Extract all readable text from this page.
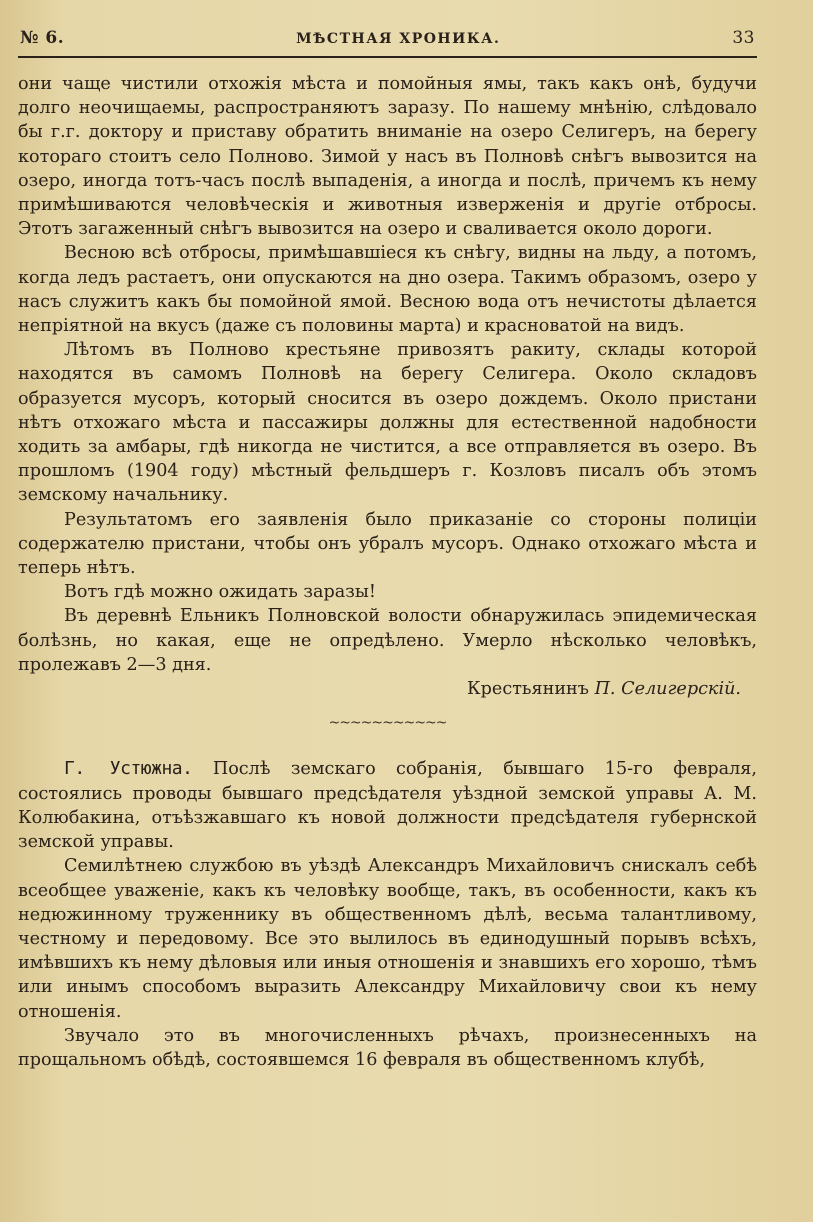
№ 6.	МѢСТНАЯ ХРОНИКА.	33

они чаще чистили отхожія мѣста и помойныя ямы, такъ какъ онѣ, будучи долго неочищаемы, распространяютъ заразу. По нашему мнѣнію, слѣдовало бы г.г. доктору и приставу обратить вниманіе на озеро Селигеръ, на берегу котораго стоитъ село Полново. Зимой у насъ въ Полновѣ снѣгъ вывозится на озеро, иногда тотъ-часъ послѣ выпаденія, а иногда и послѣ, причемъ къ нему примѣшиваются человѣческія и животныя изверженія и другіе отбросы. Этотъ загаженный снѣгъ вывозится на озеро и сваливается около дороги.

Весною всѣ отбросы, примѣшавшіеся къ снѣгу, видны на льду, а потомъ, когда ледъ растаетъ, они опускаются на дно озера. Такимъ образомъ, озеро у насъ служитъ какъ бы помойной ямой. Весною вода отъ нечистоты дѣлается непріятной на вкусъ (даже съ половины марта) и красноватой на видъ.

Лѣтомъ въ Полново крестьяне привозятъ ракиту, склады которой находятся въ самомъ Полновѣ на берегу Селигера. Около складовъ образуется мусоръ, который сносится въ озеро дождемъ. Около пристани нѣтъ отхожаго мѣста и пассажиры должны для естественной надобности ходить за амбары, гдѣ никогда не чистится, а все отправляется въ озеро. Въ прошломъ (1904 году) мѣстный фельдшеръ г. Козловъ писалъ объ этомъ земскому начальнику.

Результатомъ его заявленія было приказаніе со стороны полиціи содержателю пристани, чтобы онъ убралъ мусоръ. Однако отхожаго мѣста и теперь нѣтъ.

Вотъ гдѣ можно ожидать заразы!

Въ деревнѣ Ельникъ Полновской волости обнаружилась эпидемическая болѣзнь, но какая, еще не опредѣлено. Умерло нѣсколько человѣкъ, пролежавъ 2—3 дня.

Крестьянинъ П. Селигерскій.

~~~~~~~~~~~

Г. Устюжна. Послѣ земскаго собранія, бывшаго 15-го февраля, состоялись проводы бывшаго предсѣдателя уѣздной земской управы А. М. Колюбакина, отъѣзжавшаго къ новой должности предсѣдателя губернской земской управы.

Семилѣтнею службою въ уѣздѣ Александръ Михайловичъ снискалъ себѣ всеобщее уваженіе, какъ къ человѣку вообще, такъ, въ особенности, какъ къ недюжинному труженнику въ общественномъ дѣлѣ, весьма талантливому, честному и передовому. Все это вылилось въ единодушный порывъ всѣхъ, имѣвшихъ къ нему дѣловыя или иныя отношенія и знавшихъ его хорошо, тѣмъ или инымъ способомъ выразить Александру Михайловичу свои къ нему отношенія.

Звучало это въ многочисленныхъ рѣчахъ, произнесенныхъ на прощальномъ обѣдѣ, состоявшемся 16 февраля въ общественномъ клубѣ,
